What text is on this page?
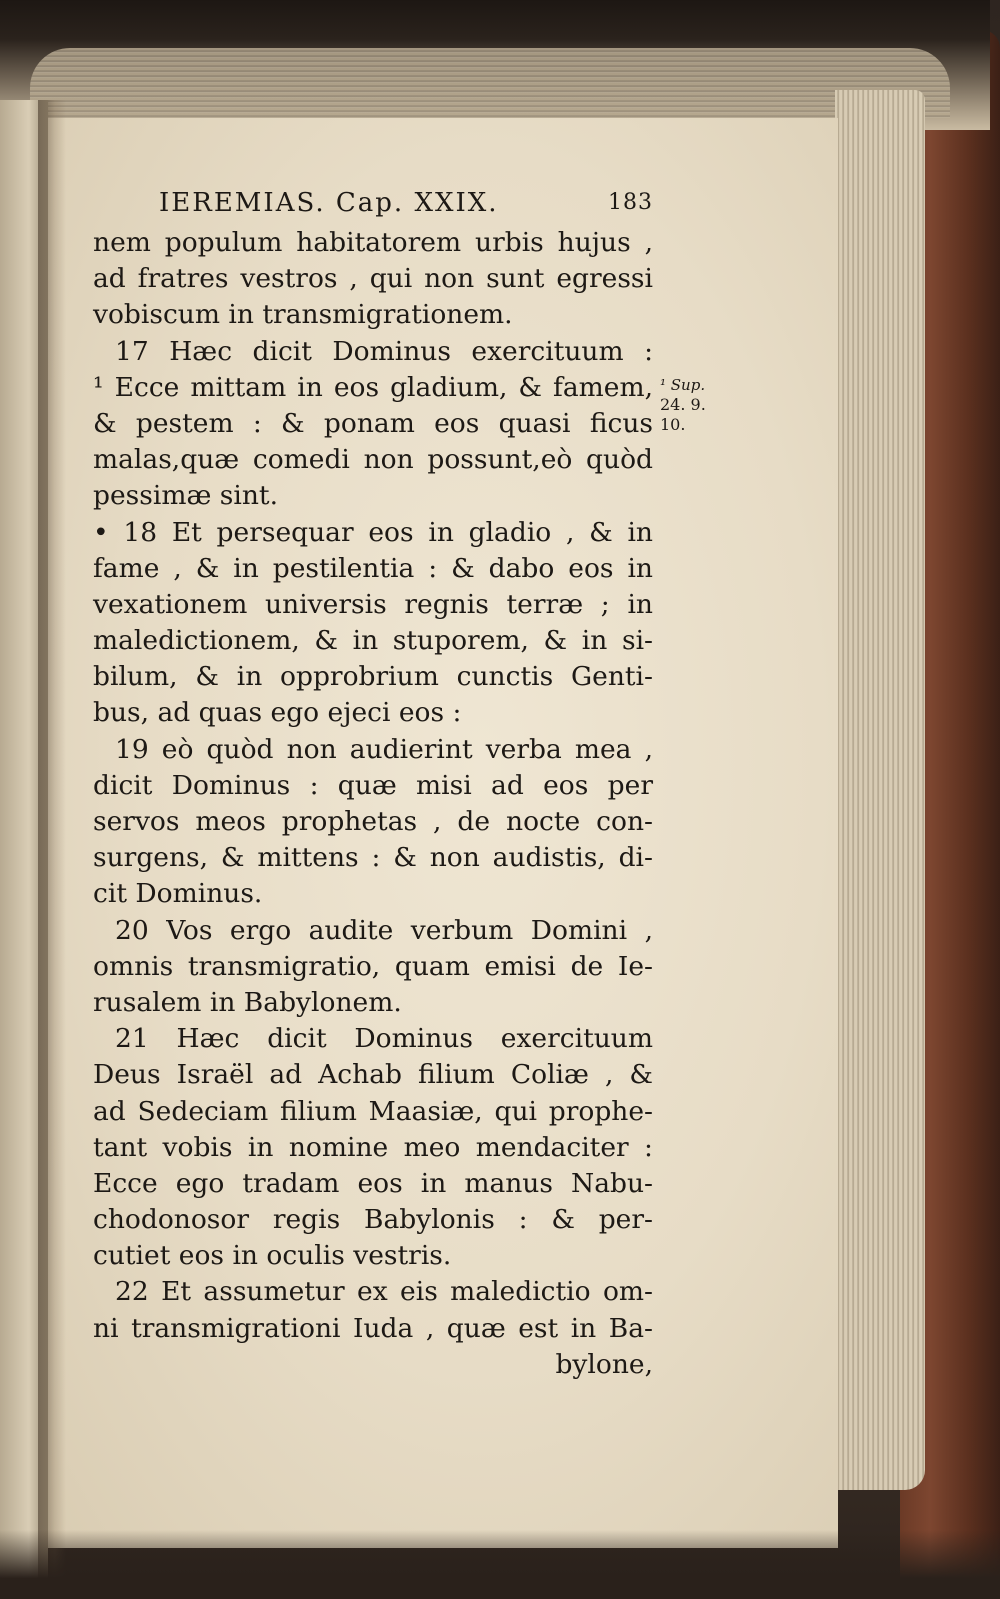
IEREMIAS. Cap. XXIX.	183
nem populum habitatorem urbis hujus ,
ad fratres vestros , qui non sunt egressi
vobiscum in transmigrationem.
17 Hæc dicit Dominus exercituum :
¹ Ecce mittam in eos gladium, & famem,
& pestem : & ponam eos quasi ficus
malas,quæ comedi non possunt,eò quòd
pessimæ sint.
• 18 Et persequar eos in gladio , & in
fame , & in pestilentia : & dabo eos in
vexationem universis regnis terræ ; in
maledictionem, & in stuporem, & in si-
bilum, & in opprobrium cunctis Genti-
bus, ad quas ego ejeci eos :
19 eò quòd non audierint verba mea ,
dicit Dominus : quæ misi ad eos per
servos meos prophetas , de nocte con-
surgens, & mittens : & non audistis, di-
cit Dominus.
20 Vos ergo audite verbum Domini ,
omnis transmigratio, quam emisi de Ie-
rusalem in Babylonem.
21 Hæc dicit Dominus exercituum
Deus Israël ad Achab filium Coliæ , &
ad Sedeciam filium Maasiæ, qui prophe-
tant vobis in nomine meo mendaciter :
Ecce ego tradam eos in manus Nabu-
chodonosor regis Babylonis : & per-
cutiet eos in oculis vestris.
22 Et assumetur ex eis maledictio om-
ni transmigrationi Iuda , quæ est in Ba-
bylone,
¹ Sup.
24. 9.
10.
